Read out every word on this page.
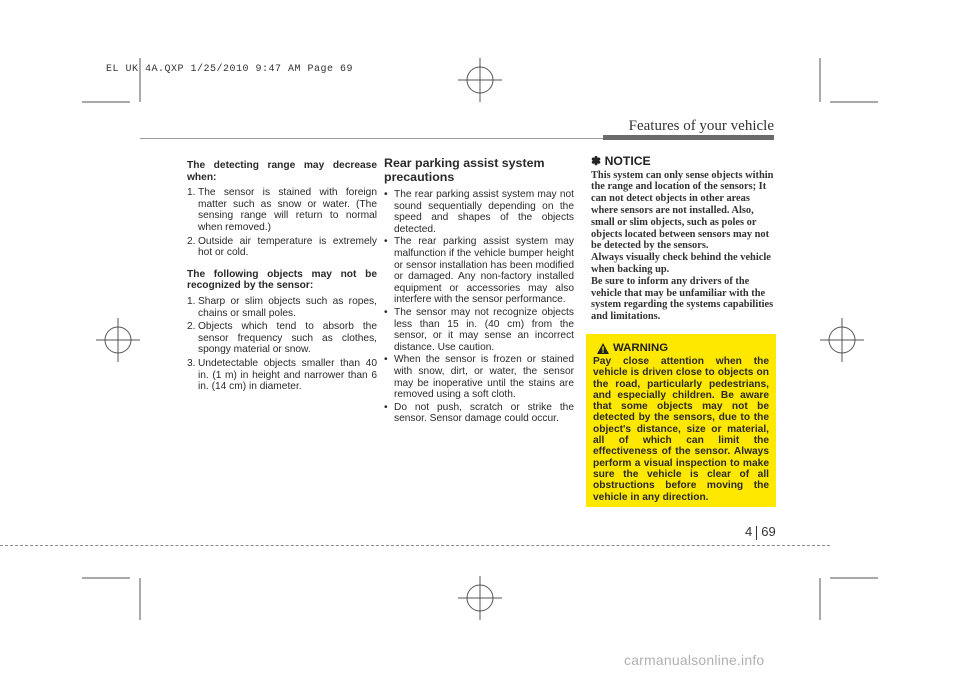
EL UK 4A.QXP 1/25/2010 9:47 AM Page 69
Features of your vehicle
The detecting range may decrease when:
1. The sensor is stained with foreign matter such as snow or water. (The sensing range will return to normal when removed.)
2. Outside air temperature is extremely hot or cold.
The following objects may not be recognized by the sensor:
1. Sharp or slim objects such as ropes, chains or small poles.
2. Objects which tend to absorb the sensor frequency such as clothes, spongy material or snow.
3. Undetectable objects smaller than 40 in. (1 m) in height and narrower than 6 in. (14 cm) in diameter.
Rear parking assist system precautions
• The rear parking assist system may not sound sequentially depending on the speed and shapes of the objects detected.
• The rear parking assist system may malfunction if the vehicle bumper height or sensor installation has been modified or damaged. Any non-factory installed equipment or accessories may also interfere with the sensor performance.
• The sensor may not recognize objects less than 15 in. (40 cm) from the sensor, or it may sense an incorrect distance. Use caution.
• When the sensor is frozen or stained with snow, dirt, or water, the sensor may be inoperative until the stains are removed using a soft cloth.
• Do not push, scratch or strike the sensor. Sensor damage could occur.
✽ NOTICE

This system can only sense objects within the range and location of the sensors; It can not detect objects in other areas where sensors are not installed. Also, small or slim objects, such as poles or objects located between sensors may not be detected by the sensors.

Always visually check behind the vehicle when backing up.

Be sure to inform any drivers of the vehicle that may be unfamiliar with the system regarding the systems capabilities and limitations.

WARNING
Pay close attention when the vehicle is driven close to objects on the road, particularly pedestrians, and especially children. Be aware that some objects may not be detected by the sensors, due to the object's distance, size or material, all of which can limit the effectiveness of the sensor. Always perform a visual inspection to make sure the vehicle is clear of all obstructions before moving the vehicle in any direction.
4 69
carmanualsonline.info
